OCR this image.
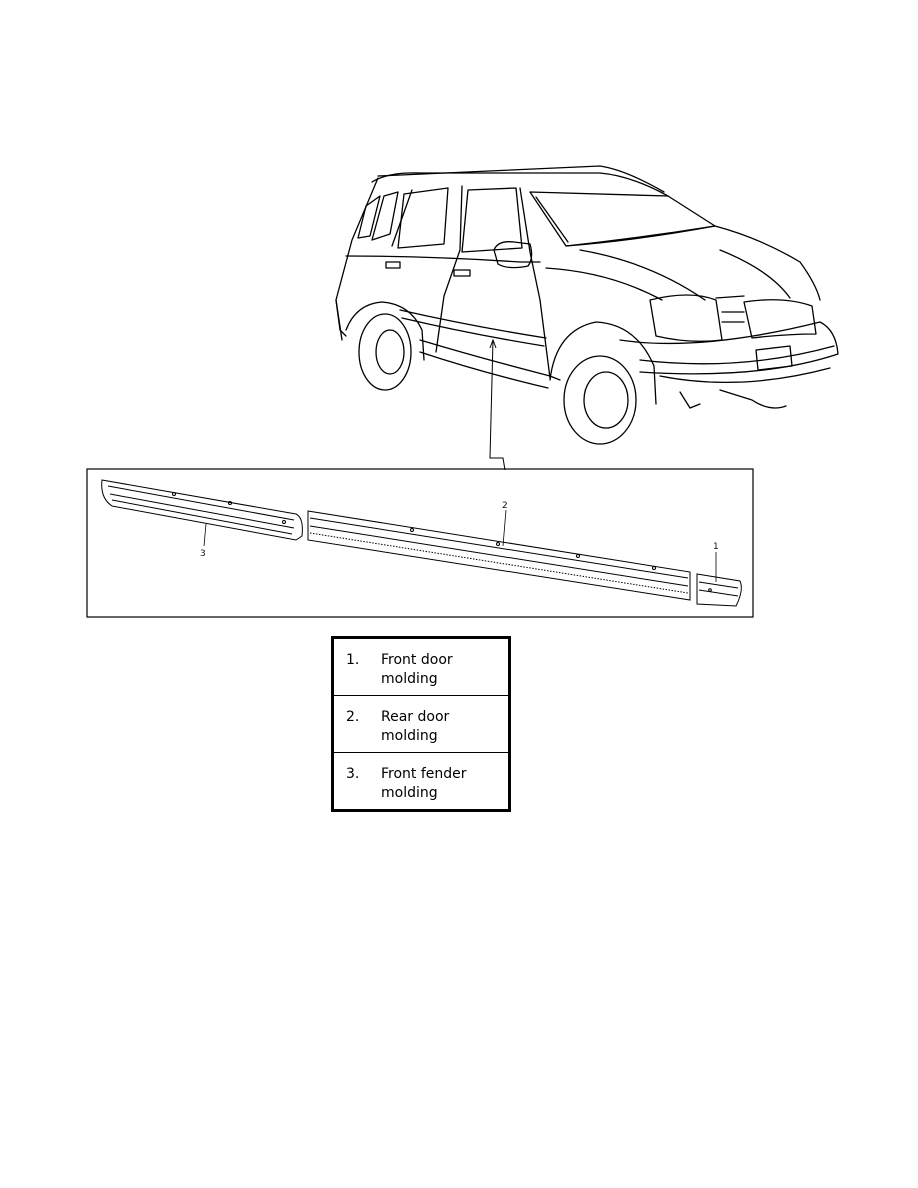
1
2
3
1.	Front door
molding

2.	Rear door
molding

3.	Front fender
molding
